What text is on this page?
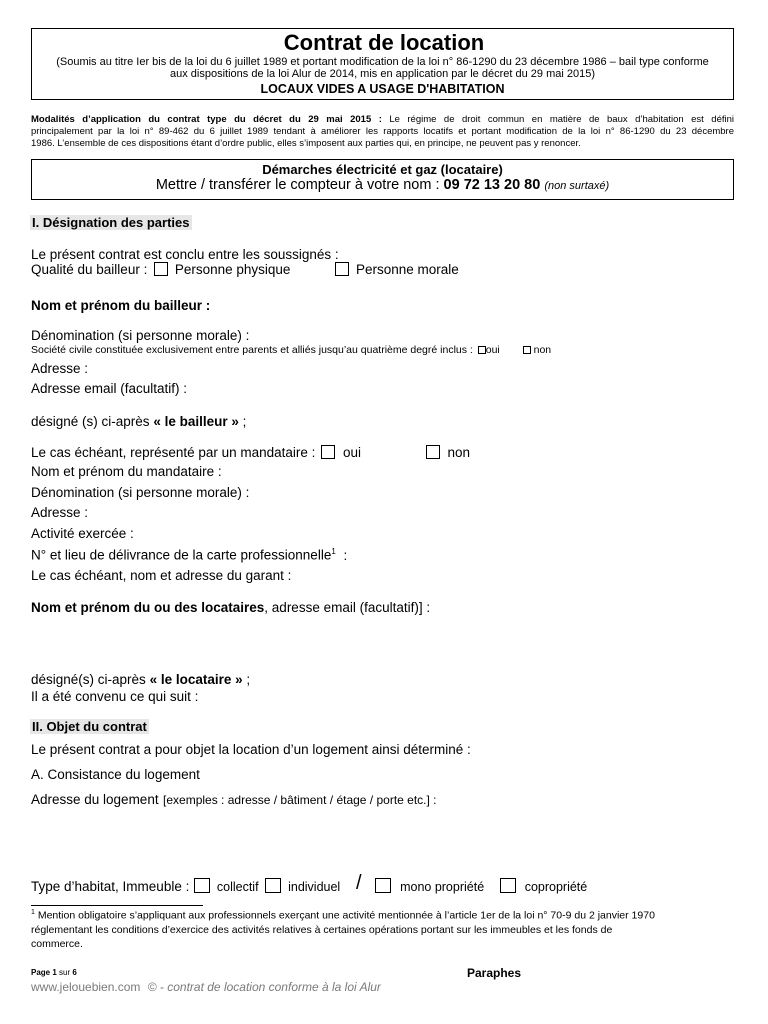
Contrat de location
(Soumis au titre Ier bis de la loi du 6 juillet 1989 et portant modification de la loi n° 86-1290 du 23 décembre 1986 – bail type conforme
aux dispositions de la loi Alur de 2014, mis en application par le décret du 29 mai 2015)
LOCAUX VIDES A USAGE D'HABITATION
Modalités d’application du contrat type du décret du 29 mai 2015 : Le régime de droit commun en matière de baux d’habitation est défini
principalement par la loi n° 89-462 du 6 juillet 1989 tendant à améliorer les rapports locatifs et portant modification de la loi n° 86-1290 du 23 décembre
1986. L’ensemble de ces dispositions étant d’ordre public, elles s’imposent aux parties qui, en principe, ne peuvent pas y renoncer.
Démarches électricité et gaz (locataire)
Mettre / transférer le compteur à votre nom : 09 72 13 20 80 (non surtaxé)
I. Désignation des parties
Le présent contrat est conclu entre les soussignés :
Qualité du bailleur : Personne physique	Personne morale
Nom et prénom du bailleur :
Dénomination (si personne morale) :
Société civile constituée exclusivement entre parents et alliés jusqu’au quatrième degré inclus : oui	non
Adresse :
Adresse email (facultatif) :
désigné (s) ci-après « le bailleur » ;
Le cas échéant, représenté par un mandataire : oui	non
Nom et prénom du mandataire :
Dénomination (si personne morale) :
Adresse :
Activité exercée :
N° et lieu de délivrance de la carte professionnelle$^1$ :
Le cas échéant, nom et adresse du garant :
Nom et prénom du ou des locataires, adresse email (facultatif)] :
désigné(s) ci-après « le locataire » ;
Il a été convenu ce qui suit :
II. Objet du contrat
Le présent contrat a pour objet la location d’un logement ainsi déterminé :
A. Consistance du logement
Adresse du logement [exemples : adresse / bâtiment / étage / porte etc.] :
Type d’habitat, Immeuble : collectif individuel /	mono propriété	copropriété
$^1$ Mention obligatoire s’appliquant aux professionnels exerçant une activité mentionnée à l’article 1er de la loi n° 70-9 du 2 janvier 1970
réglementant les conditions d’exercice des activités relatives à certaines opérations portant sur les immeubles et les fonds de
commerce.
Page 1 sur 6	Paraphes
www.jelouebien.com © - contrat de location conforme à la loi Alur
